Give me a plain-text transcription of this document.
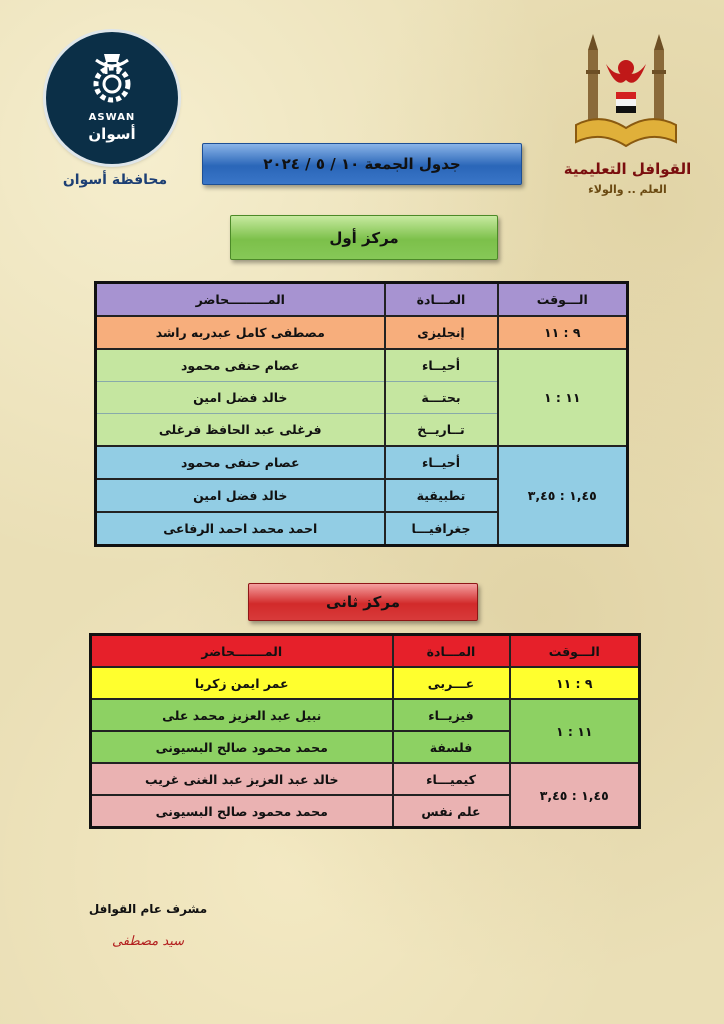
ASWAN
أسوان
محافظة أسوان
القوافل التعليمية
العلم .. والولاء
جدول الجمعة ١٠ / ٥ / ٢٠٢٤
مركز أول
الـــوقت	المـــادة	المـــــــــحاضر
٩ : ١١	إنجليزى	مصطفى كامل عبدربه راشد
١١ : ١	أحيــاء	عصام حنفى محمود
	بحتـــة	خالد فضل امين
	تــاريــخ	فرغلى عبد الحافظ فرغلى
١,٤٥ : ٣,٤٥	أحيــاء	عصام حنفى محمود
	تطبيقية	خالد فضل امين
	جغرافيـــا	احمد محمد احمد الرفاعى
مركز ثانى
الـــوقت	المـــادة	المـــــــحاضر
٩ : ١١	عـــربى	عمر ايمن زكريا
١١ : ١	فيزيــاء	نبيل عبد العزيز محمد على
	فلسفة	محمد محمود صالح البسيونى
١,٤٥ : ٣,٤٥	كيميـــاء	خالد عبد العزيز عبد الغنى غريب
	علم نفس	محمد محمود صالح البسيونى
مشرف عام القوافل
سيد مصطفى
